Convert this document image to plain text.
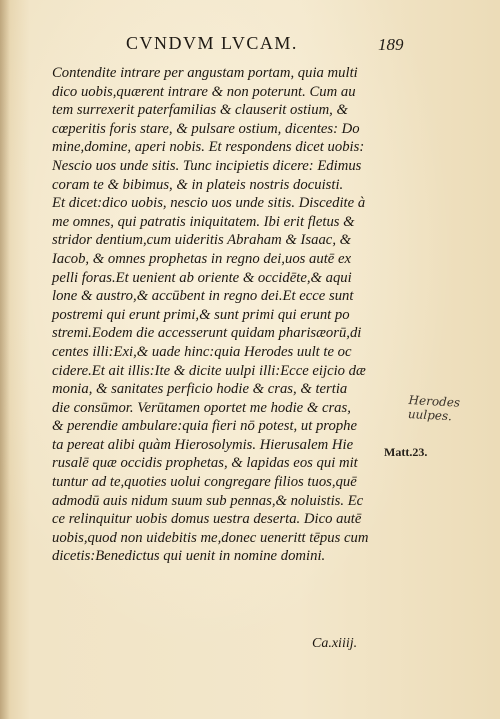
CVNDVM LVCAM.	189
Contendite intrare per angustam portam, quia multi
dico uobis,quærent intrare & non poterunt. Cum au
tem surrexerit paterfamilias & clauserit ostium, &
cœperitis foris stare, & pulsare ostium, dicentes: Do
mine,domine, aperi nobis. Et respondens dicet uobis:
Nescio uos unde sitis. Tunc incipietis dicere: Edimus
coram te & bibimus, & in plateis nostris docuisti.
Et dicet:dico uobis, nescio uos unde sitis. Discedite à
me omnes, qui patratis iniquitatem. Ibi erit fletus &
stridor dentium,cum uideritis Abraham & Isaac, &
Iacob, & omnes prophetas in regno dei,uos autē ex
pelli foras.Et uenient ab oriente & occidēte,& aqui
lone & austro,& accūbent in regno dei.Et ecce sunt
postremi qui erunt primi,& sunt primi qui erunt po
stremi.Eodem die accesserunt quidam pharisæorū,di
centes illi:Exi,& uade hinc:quia Herodes uult te oc
cidere.Et ait illis:Ite & dicite uulpi illi:Ecce eijcio dæ
monia, & sanitates perficio hodie & cras, & tertia
die consūmor. Verūtamen oportet me hodie & cras,
& perendie ambulare:quia fieri nō potest, ut prophe
ta pereat alibi quàm Hierosolymis. Hierusalem Hie
rusalē quæ occidis prophetas, & lapidas eos qui mit
tuntur ad te,quoties uolui congregare filios tuos,quē
admodū auis nidum suum sub pennas,& noluistis. Ec
ce relinquitur uobis domus uestra deserta. Dico autē
uobis,quod non uidebitis me,donec ueneritt tēpus cum
dicetis:Benedictus qui uenit in nomine domini.
Herodes
uulpes.
Matt.23.
Ca.xiiij.
